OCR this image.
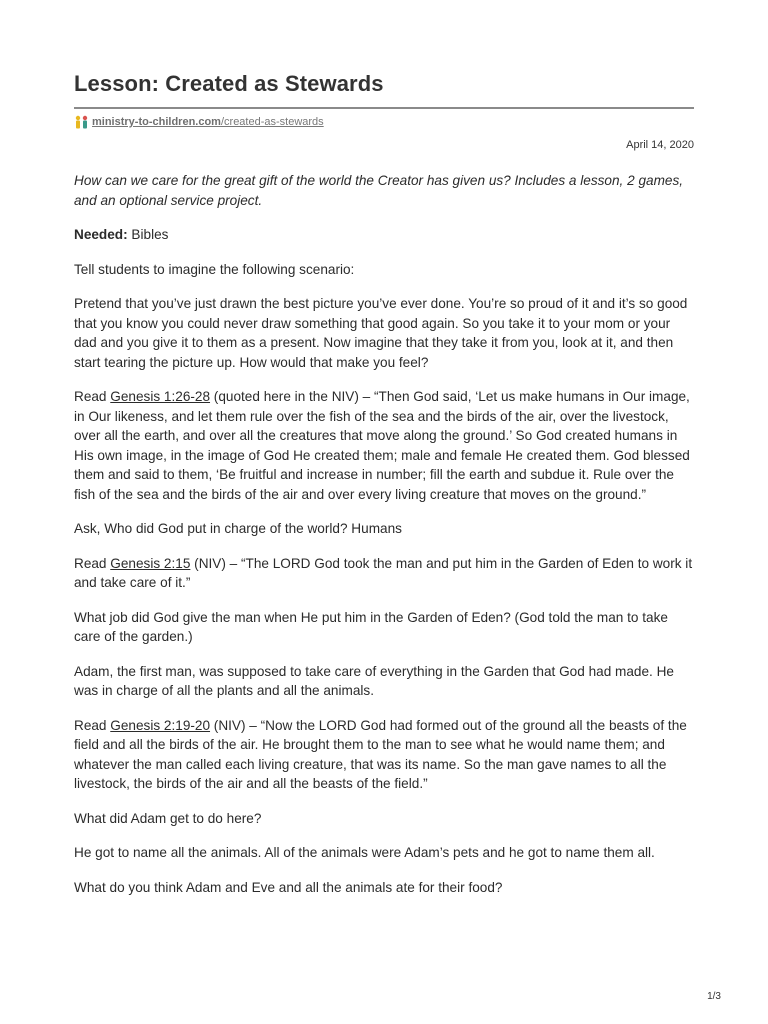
Lesson: Created as Stewards
ministry-to-children.com/created-as-stewards
April 14, 2020

How can we care for the great gift of the world the Creator has given us? Includes a lesson, 2 games, and an optional service project.

Needed: Bibles

Tell students to imagine the following scenario:

Pretend that you’ve just drawn the best picture you’ve ever done. You’re so proud of it and it’s so good that you know you could never draw something that good again. So you take it to your mom or your dad and you give it to them as a present. Now imagine that they take it from you, look at it, and then start tearing the picture up. How would that make you feel?

Read Genesis 1:26-28 (quoted here in the NIV) – “Then God said, ‘Let us make humans in Our image, in Our likeness, and let them rule over the fish of the sea and the birds of the air, over the livestock, over all the earth, and over all the creatures that move along the ground.’ So God created humans in His own image, in the image of God He created them; male and female He created them. God blessed them and said to them, ‘Be fruitful and increase in number; fill the earth and subdue it. Rule over the fish of the sea and the birds of the air and over every living creature that moves on the ground.”

Ask, Who did God put in charge of the world? Humans

Read Genesis 2:15 (NIV) – “The LORD God took the man and put him in the Garden of Eden to work it and take care of it.”

What job did God give the man when He put him in the Garden of Eden? (God told the man to take care of the garden.)

Adam, the first man, was supposed to take care of everything in the Garden that God had made. He was in charge of all the plants and all the animals.

Read Genesis 2:19-20 (NIV) – “Now the LORD God had formed out of the ground all the beasts of the field and all the birds of the air. He brought them to the man to see what he would name them; and whatever the man called each living creature, that was its name. So the man gave names to all the livestock, the birds of the air and all the beasts of the field.”

What did Adam get to do here?

He got to name all the animals. All of the animals were Adam’s pets and he got to name them all.

What do you think Adam and Eve and all the animals ate for their food?

1/3
